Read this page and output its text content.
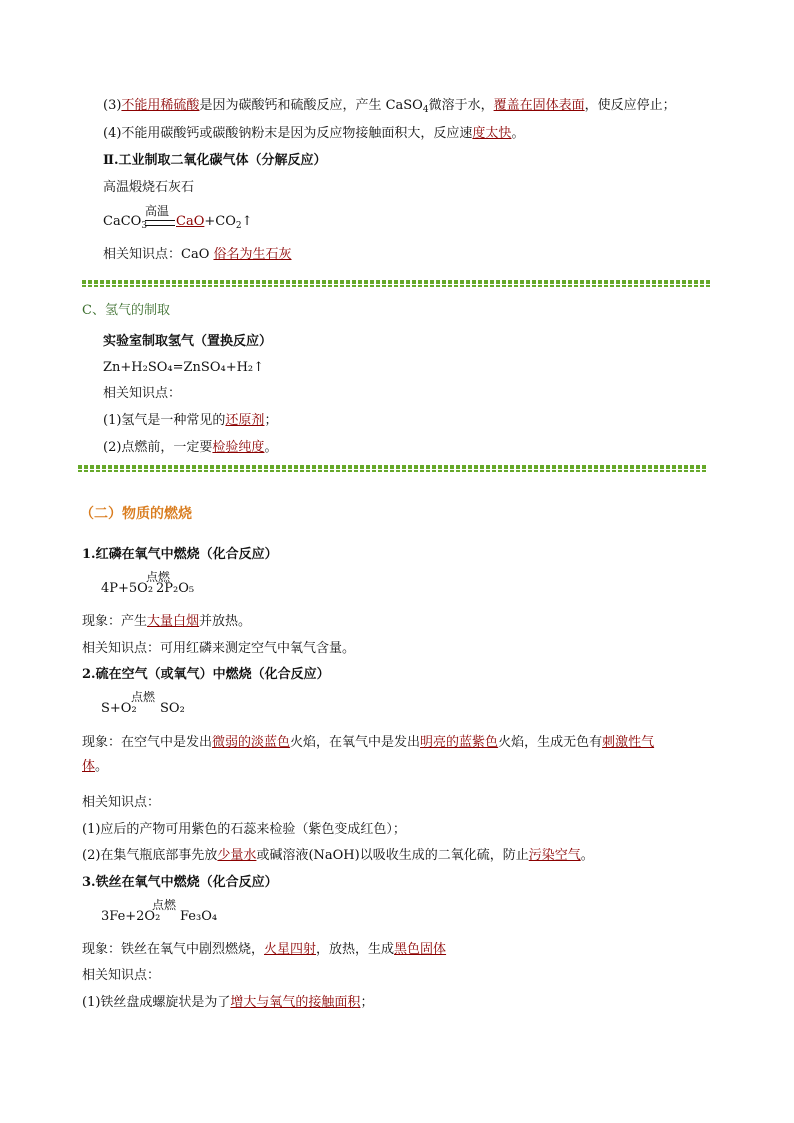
(3)不能用稀硫酸是因为碳酸钙和硫酸反应，产生 CaSO$_4$微溶于水，覆盖在固体表面，使反应停止；
(4)不能用碳酸钙或碳酸钠粉末是因为反应物接触面积大，反应速度太快。
Ⅱ.工业制取二氧化碳气体（分解反应）
高温煅烧石灰石
CaCO$_3$
高温
$CaO+CO_2↑$
相关知识点：CaO 俗名为生石灰
C、氢气的制取
实验室制取氢气（置换反应）
Zn+H₂SO₄=ZnSO₄+H₂↑
相关知识点：
(1)氢气是一种常见的还原剂；
(2)点燃前，一定要检验纯度。
（二）物质的燃烧
1.红磷在氧气中燃烧（化合反应）
点燃
4P+5O₂ 2P₂O₅
现象：产生大量白烟并放热。
相关知识点：可用红磷来测定空气中氧气含量。
2.硫在空气（或氧气）中燃烧（化合反应）
点燃
S+O₂ SO₂
现象：在空气中是发出微弱的淡蓝色火焰，在氧气中是发出明亮的蓝紫色火焰，生成无色有刺激性气
体。
相关知识点：
(1)应后的产物可用紫色的石蕊来检验（紫色变成红色）；
(2)在集气瓶底部事先放少量水或碱溶液(NaOH)以吸收生成的二氧化硫，防止污染空气。
3.铁丝在氧气中燃烧（化合反应）
点燃
3Fe+2O₂ Fe₃O₄
现象：铁丝在氧气中剧烈燃烧，火星四射，放热，生成黑色固体
相关知识点：
(1)铁丝盘成螺旋状是为了增大与氧气的接触面积；
